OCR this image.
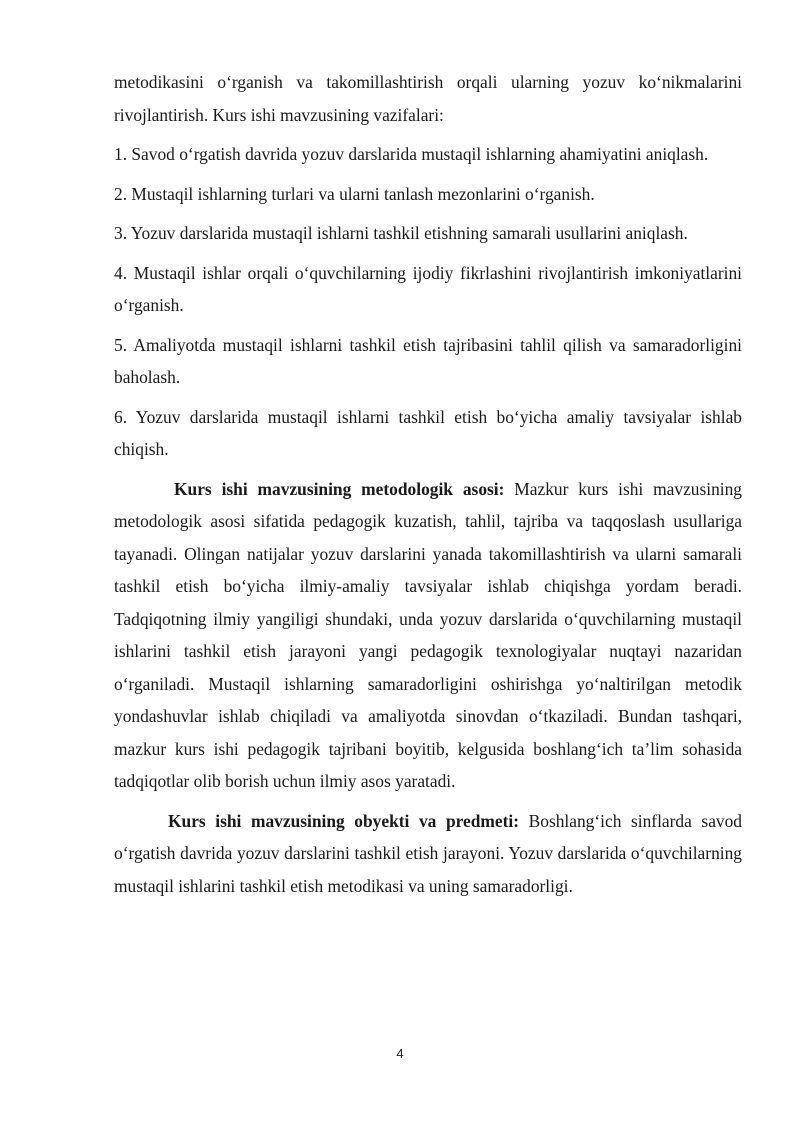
metodikasini o‘rganish va takomillashtirish orqali ularning yozuv ko‘nikmalarini rivojlantirish. Kurs ishi mavzusining vazifalari:

1. Savod o‘rgatish davrida yozuv darslarida mustaqil ishlarning ahamiyatini aniqlash.

2. Mustaqil ishlarning turlari va ularni tanlash mezonlarini o‘rganish.

3. Yozuv darslarida mustaqil ishlarni tashkil etishning samarali usullarini aniqlash.

4. Mustaqil ishlar orqali o‘quvchilarning ijodiy fikrlashini rivojlantirish imkoniyatlarini o‘rganish.

5. Amaliyotda mustaqil ishlarni tashkil etish tajribasini tahlil qilish va samaradorligini baholash.

6. Yozuv darslarida mustaqil ishlarni tashkil etish bo‘yicha amaliy tavsiyalar ishlab chiqish.

Kurs ishi mavzusining metodologik asosi: Mazkur kurs ishi mavzusining metodologik asosi sifatida pedagogik kuzatish, tahlil, tajriba va taqqoslash usullariga tayanadi. Olingan natijalar yozuv darslarini yanada takomillashtirish va ularni samarali tashkil etish bo‘yicha ilmiy-amaliy tavsiyalar ishlab chiqishga yordam beradi. Tadqiqotning ilmiy yangiligi shundaki, unda yozuv darslarida o‘quvchilarning mustaqil ishlarini tashkil etish jarayoni yangi pedagogik texnologiyalar nuqtayi nazaridan o‘rganiladi. Mustaqil ishlarning samaradorligini oshirishga yo‘naltirilgan metodik yondashuvlar ishlab chiqiladi va amaliyotda sinovdan o‘tkaziladi. Bundan tashqari, mazkur kurs ishi pedagogik tajribani boyitib, kelgusida boshlang‘ich ta’lim sohasida tadqiqotlar olib borish uchun ilmiy asos yaratadi.

Kurs ishi mavzusining obyekti va predmeti: Boshlang‘ich sinflarda savod o‘rgatish davrida yozuv darslarini tashkil etish jarayoni. Yozuv darslarida o‘quvchilarning mustaqil ishlarini tashkil etish metodikasi va uning samaradorligi.

4
